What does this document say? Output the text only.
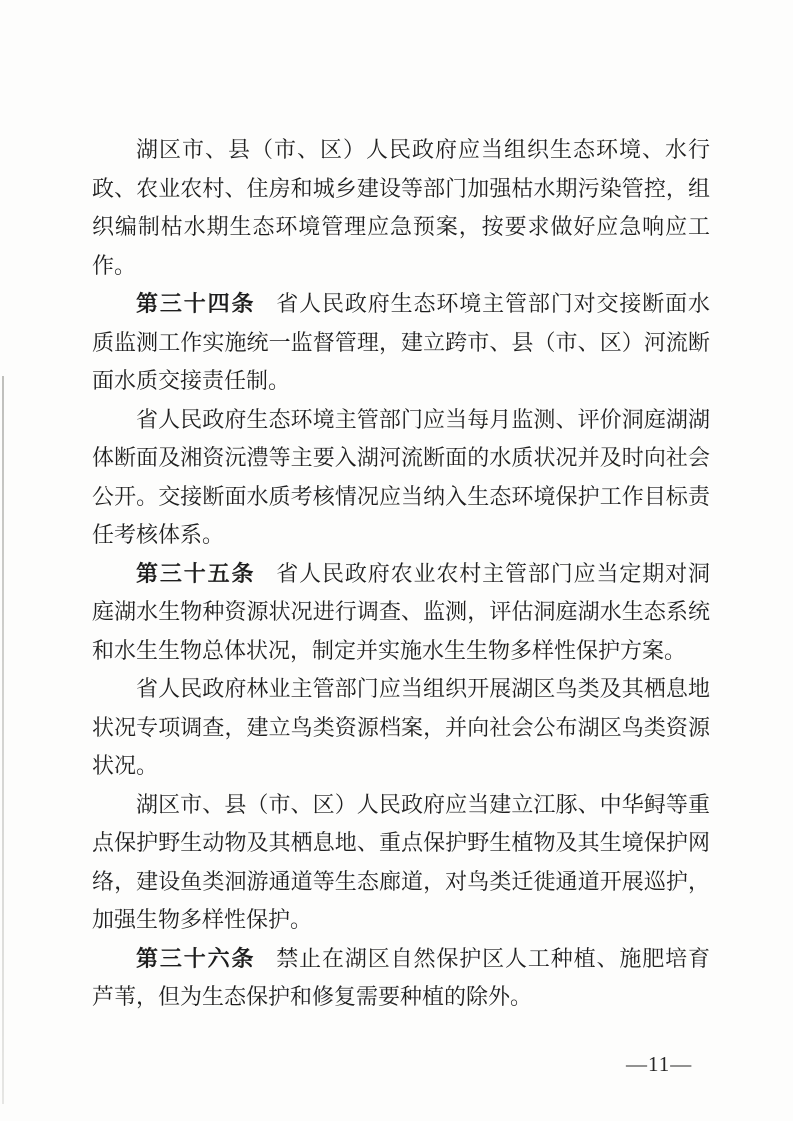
湖区市、县（市、区）人民政府应当组织生态环境、水行政、农业农村、住房和城乡建设等部门加强枯水期污染管控，组织编制枯水期生态环境管理应急预案，按要求做好应急响应工作。

第三十四条 省人民政府生态环境主管部门对交接断面水质监测工作实施统一监督管理，建立跨市、县（市、区）河流断面水质交接责任制。

省人民政府生态环境主管部门应当每月监测、评价洞庭湖湖体断面及湘资沅澧等主要入湖河流断面的水质状况并及时向社会公开。交接断面水质考核情况应当纳入生态环境保护工作目标责任考核体系。

第三十五条 省人民政府农业农村主管部门应当定期对洞庭湖水生物种资源状况进行调查、监测，评估洞庭湖水生态系统和水生生物总体状况，制定并实施水生生物多样性保护方案。

省人民政府林业主管部门应当组织开展湖区鸟类及其栖息地状况专项调查，建立鸟类资源档案，并向社会公布湖区鸟类资源状况。

湖区市、县（市、区）人民政府应当建立江豚、中华鲟等重点保护野生动物及其栖息地、重点保护野生植物及其生境保护网络，建设鱼类洄游通道等生态廊道，对鸟类迁徙通道开展巡护，加强生物多样性保护。

第三十六条 禁止在湖区自然保护区人工种植、施肥培育芦苇，但为生态保护和修复需要种植的除外。

—11—
